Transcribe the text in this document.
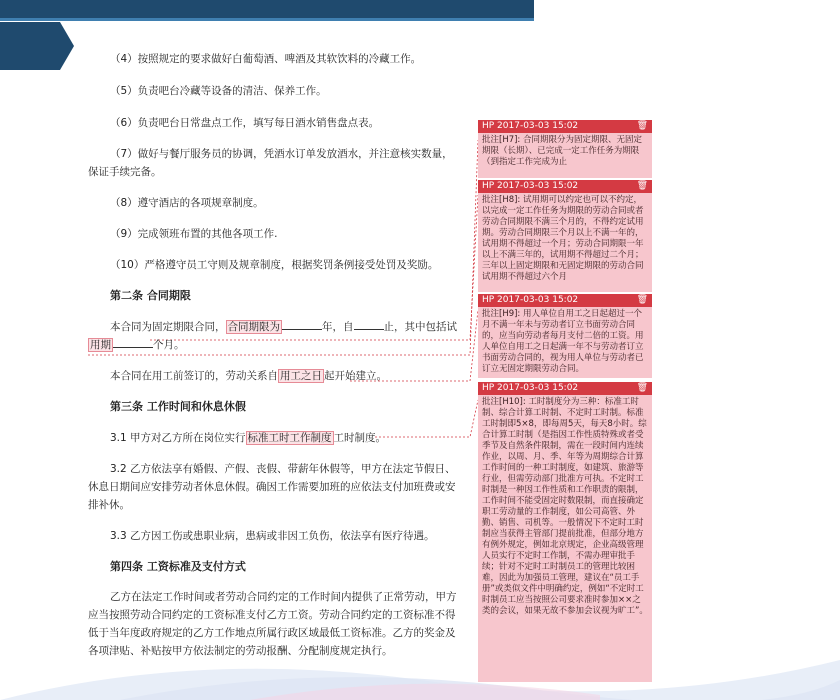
（4）按照规定的要求做好白葡萄酒、啤酒及其软饮料的冷藏工作。

（5）负责吧台冷藏等设备的清洁、保养工作。

（6）负责吧台日常盘点工作，填写每日酒水销售盘点表。

（7）做好与餐厅服务员的协调，凭酒水订单发放酒水，并注意核实数量，

保证手续完备。

（8）遵守酒店的各项规章制度。

（9）完成领班布置的其他各项工作.

（10）严格遵守员工守则及规章制度，根据奖罚条例接受处罚及奖励。

第二条 合同期限

本合同为固定期限合同， 合同期限为	年，自	止，其中包括试

用期	个月。

本合同在用工前签订的，劳动关系自 用工之日 起开始建立。

第三条 工作时间和休息休假

3.1 甲方对乙方所在岗位实行 标准工时工作制度 工时制度。

3.2 乙方依法享有婚假、产假、丧假、带薪年休假等，甲方在法定节假日、

休息日期间应安排劳动者休息休假。确因工作需要加班的应依法支付加班费或安

排补休。

3.3 乙方因工伤或患职业病，患病或非因工负伤，依法享有医疗待遇。

第四条 工资标准及支付方式

乙方在法定工作时间或者劳动合同约定的工作时间内提供了正常劳动，甲方

应当按照劳动合同约定的工资标准支付乙方工资。劳动合同约定的工资标准不得

低于当年度政府规定的乙方工作地点所属行政区域最低工资标准。乙方的奖金及

各项津贴、补贴按甲方依法制定的劳动报酬、分配制度规定执行。

HP 2017-03-03 15:02	🗑
批注[H7]: 合同期限分为固定期限、无固定期限（长期）、已完成一定工作任务为期限（到指定工作完成为止
HP 2017-03-03 15:02	🗑
批注[H8]: 试用期可以约定也可以不约定，以完成一定工作任务为期限的劳动合同或者劳动合同期限不满三个月的，不得约定试用期。劳动合同期限三个月以上不满一年的，试用期不得超过一个月；劳动合同期限一年以上不满三年的，试用期不得超过二个月；三年以上固定期限和无固定期限的劳动合同试用期不得超过六个月
HP 2017-03-03 15:02	🗑
批注[H9]: 用人单位自用工之日起超过一个月不满一年未与劳动者订立书面劳动合同的，应当向劳动者每月支付二倍的工资。用人单位自用工之日起满一年不与劳动者订立书面劳动合同的，视为用人单位与劳动者已订立无固定期限劳动合同。
HP 2017-03-03 15:02	🗑
批注[H10]: 工时制度分为三种：标准工时制、综合计算工时制、不定时工时制。标准工时制即5×8，即每周5天，每天8小时。综合计算工时制（是指因工作性质特殊或者受季节及自然条件限制，需在一段时间内连续作业，以周、月、季、年等为周期综合计算工作时间的一种工时制度，如建筑、旅游等行业，但需劳动部门批准方可执。不定时工时制是一种因工作性质和工作职责的限制，工作时间不能受固定时数限制，而直接确定职工劳动量的工作制度，如公司高管、外勤、销售、司机等。一般情况下不定时工时制应当获得主管部门提前批准，但部分地方有例外规定，例如北京规定，企业高级管理人员实行不定时工作制，不需办理审批手续；针对不定时工时制员工的管理比较困难，因此为加强员工管理，建议在“员工手册”或类似文件中明确约定，例如“不定时工时制员工应当按照公司要求准时参加××之类的会议，如果无故不参加会议视为旷工”。
